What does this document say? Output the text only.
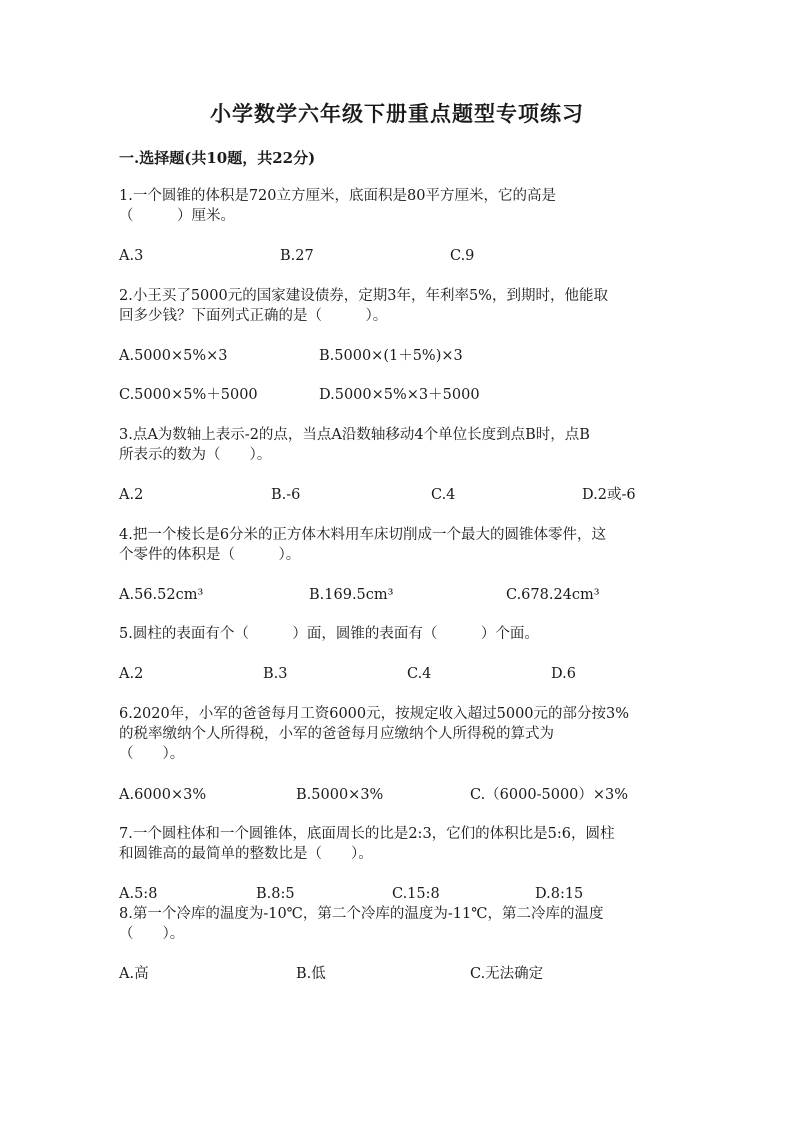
小学数学六年级下册重点题型专项练习
一.选择题(共10题，共22分)
1.一个圆锥的体积是720立方厘米，底面积是80平方厘米，它的高是
（　　　）厘米。
A.3	B.27	C.9
2.小王买了5000元的国家建设债券，定期3年，年利率5%，到期时，他能取
回多少钱？下面列式正确的是（　　　）。
A.5000×5%×3	B.5000×(1＋5%)×3
C.5000×5%＋5000	D.5000×5%×3＋5000
3.点A为数轴上表示-2的点，当点A沿数轴移动4个单位长度到点B时，点B
所表示的数为（　　）。
A.2	B.-6	C.4	D.2或-6
4.把一个棱长是6分米的正方体木料用车床切削成一个最大的圆锥体零件，这
个零件的体积是（　　　）。
A.56.52cm³	B.169.5cm³	C.678.24cm³
5.圆柱的表面有个（　　　）面，圆锥的表面有（　　　）个面。
A.2	B.3	C.4	D.6
6.2020年，小军的爸爸每月工资6000元，按规定收入超过5000元的部分按3%
的税率缴纳个人所得税，小军的爸爸每月应缴纳个人所得税的算式为
（　　）。
A.6000×3%	B.5000×3%	C.（6000-5000）×3%
7.一个圆柱体和一个圆锥体，底面周长的比是2:3，它们的体积比是5:6，圆柱
和圆锥高的最简单的整数比是（　　）。
A.5:8	B.8:5	C.15:8	D.8:15
8.第一个冷库的温度为-10℃，第二个冷库的温度为-11℃，第二冷库的温度
（　　）。
A.高	B.低	C.无法确定
